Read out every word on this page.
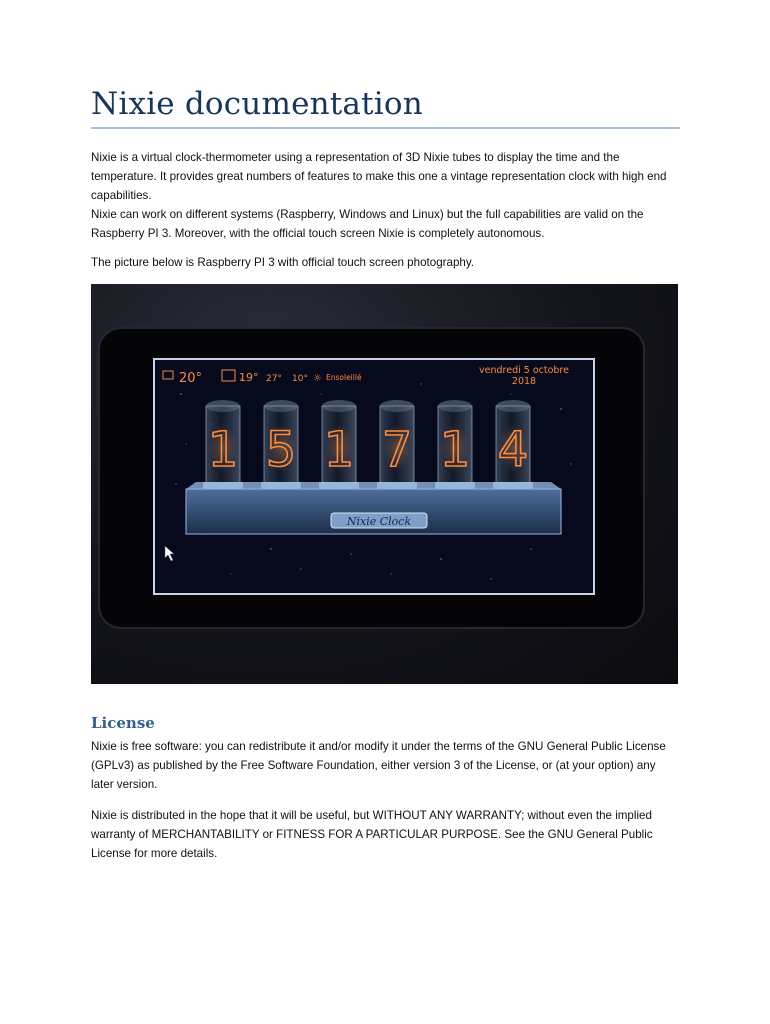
Nixie documentation

Nixie is a virtual clock-thermometer using a representation of 3D Nixie tubes to display the time and the temperature. It provides great numbers of features to make this one a vintage representation clock with high end capabilities.

Nixie can work on different systems (Raspberry, Windows and Linux) but the full capabilities are valid on the Raspberry PI 3. Moreover, with the official touch screen Nixie is completely autonomous.

The picture below is Raspberry PI 3 with official touch screen photography.

20°	19° 27° 10° ☼ Ensoleillé
vendredi 5 octobre
2018
1 5 1 7 1 4
Nixie Clock
License

Nixie is free software: you can redistribute it and/or modify it under the terms of the GNU General Public License (GPLv3) as published by the Free Software Foundation, either version 3 of the License, or (at your option) any later version.

Nixie is distributed in the hope that it will be useful, but WITHOUT ANY WARRANTY; without even the implied warranty of MERCHANTABILITY or FITNESS FOR A PARTICULAR PURPOSE. See the GNU General Public License for more details.
